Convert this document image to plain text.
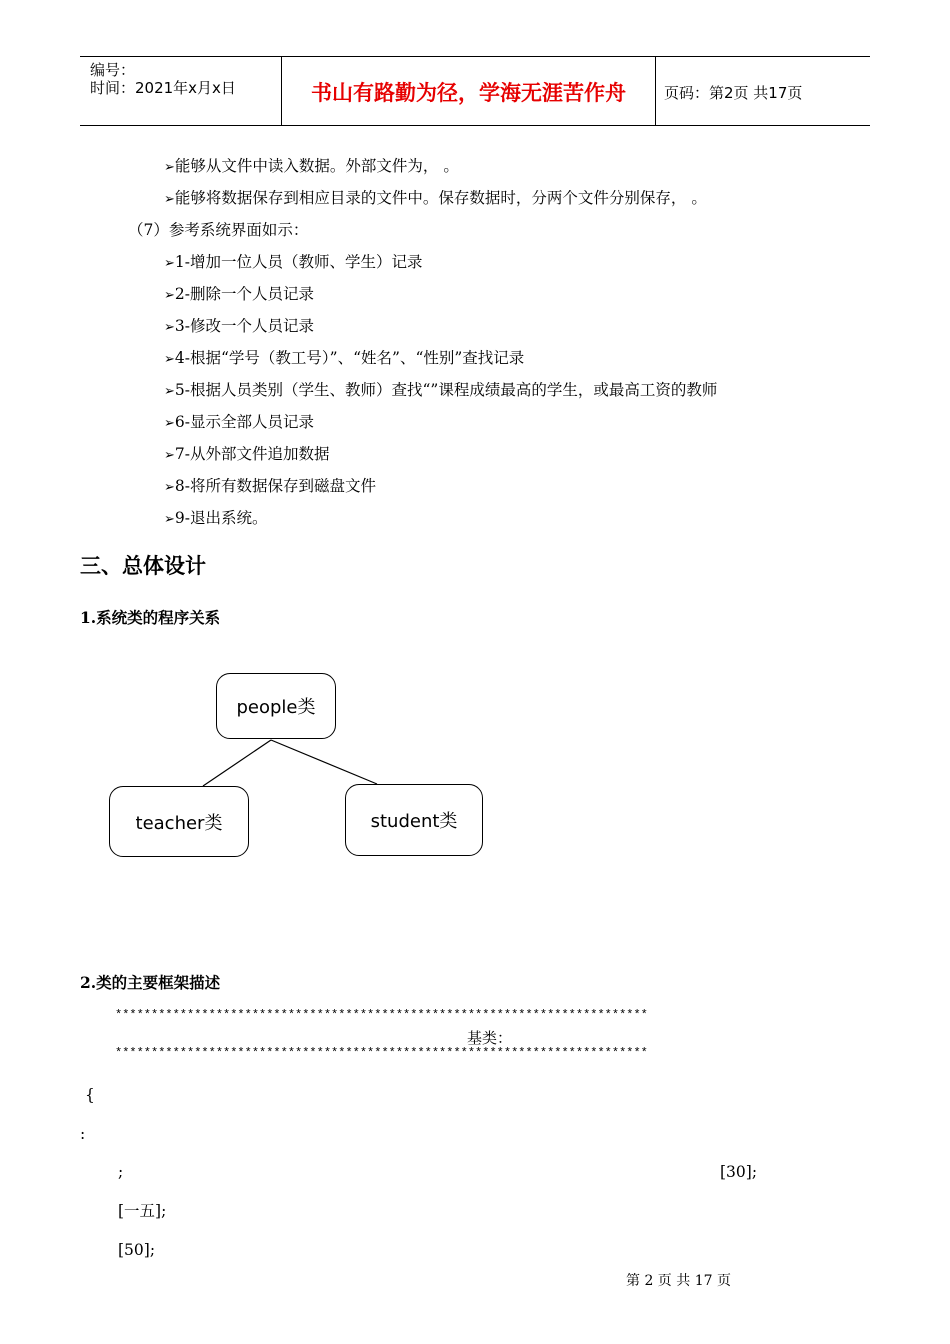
编号：
时间：2021年x月x日	书山有路勤为径，学海无涯苦作舟	页码：第2页 共17页
➢能够从文件中读入数据。外部文件为， 。
➢能够将数据保存到相应目录的文件中。保存数据时，分两个文件分别保存， 。
（7）参考系统界面如示：
➢1-增加一位人员（教师、学生）记录
➢2-删除一个人员记录
➢3-修改一个人员记录
➢4-根据“学号（教工号）”、“姓名”、“性别”查找记录
➢5-根据人员类别（学生、教师）查找“”课程成绩最高的学生，或最高工资的教师
➢6-显示全部人员记录
➢7-从外部文件追加数据
➢8-将所有数据保存到磁盘文件
➢9-退出系统。
三、总体设计
1.系统类的程序关系
people类
teacher类	student类
2.类的主要框架描述
**************************************************************************
基类：
**************************************************************************
{
:
;	[30];
[一五];
[50];
第 2 页 共 17 页
